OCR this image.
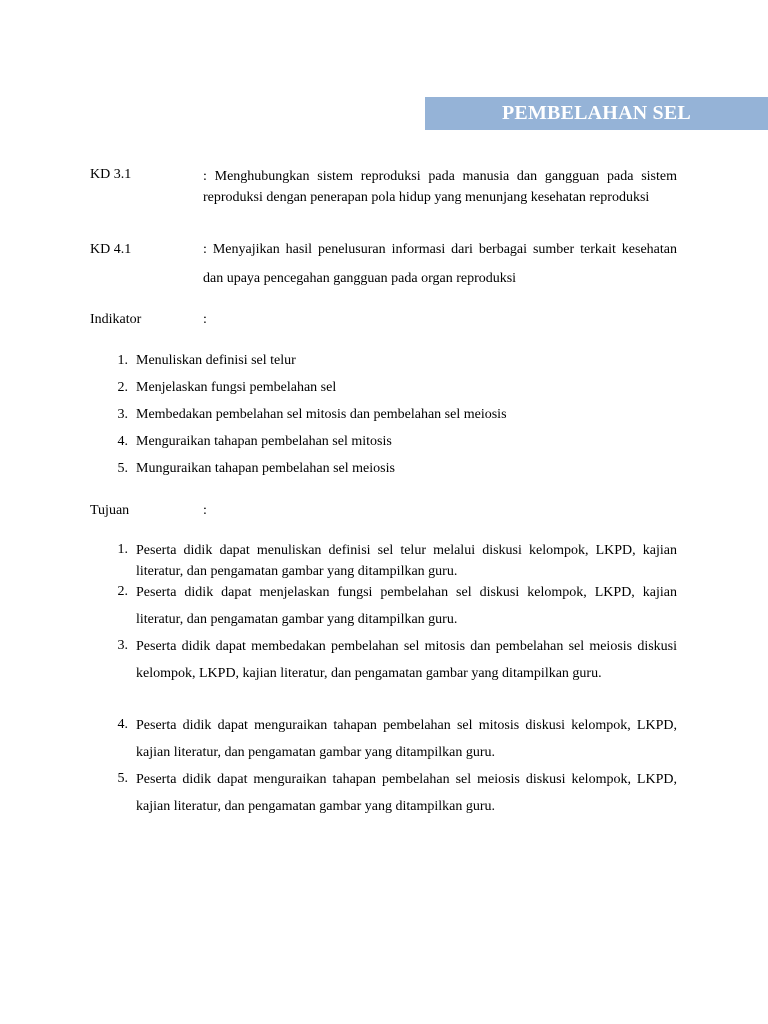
PEMBELAHAN SEL
KD 3.1	: Menghubungkan sistem reproduksi pada manusia dan gangguan pada sistem reproduksi dengan penerapan pola hidup yang menunjang kesehatan reproduksi
KD 4.1	: Menyajikan hasil penelusuran informasi dari berbagai sumber terkait kesehatan dan upaya pencegahan gangguan pada organ reproduksi
Indikator	:
1. Menuliskan definisi sel telur
2. Menjelaskan fungsi pembelahan sel
3. Membedakan pembelahan sel mitosis dan pembelahan sel meiosis
4. Menguraikan tahapan pembelahan sel mitosis
5. Munguraikan tahapan pembelahan sel meiosis
Tujuan	:
1. Peserta didik dapat menuliskan definisi sel telur melalui diskusi kelompok, LKPD, kajian literatur, dan pengamatan gambar yang ditampilkan guru.
2. Peserta didik dapat menjelaskan fungsi pembelahan sel diskusi kelompok, LKPD, kajian literatur, dan pengamatan gambar yang ditampilkan guru.
3. Peserta didik dapat membedakan pembelahan sel mitosis dan pembelahan sel meiosis diskusi kelompok, LKPD, kajian literatur, dan pengamatan gambar yang ditampilkan guru.
4. Peserta didik dapat menguraikan tahapan pembelahan sel mitosis diskusi kelompok, LKPD, kajian literatur, dan pengamatan gambar yang ditampilkan guru.
5. Peserta didik dapat menguraikan tahapan pembelahan sel meiosis diskusi kelompok, LKPD, kajian literatur, dan pengamatan gambar yang ditampilkan guru.
